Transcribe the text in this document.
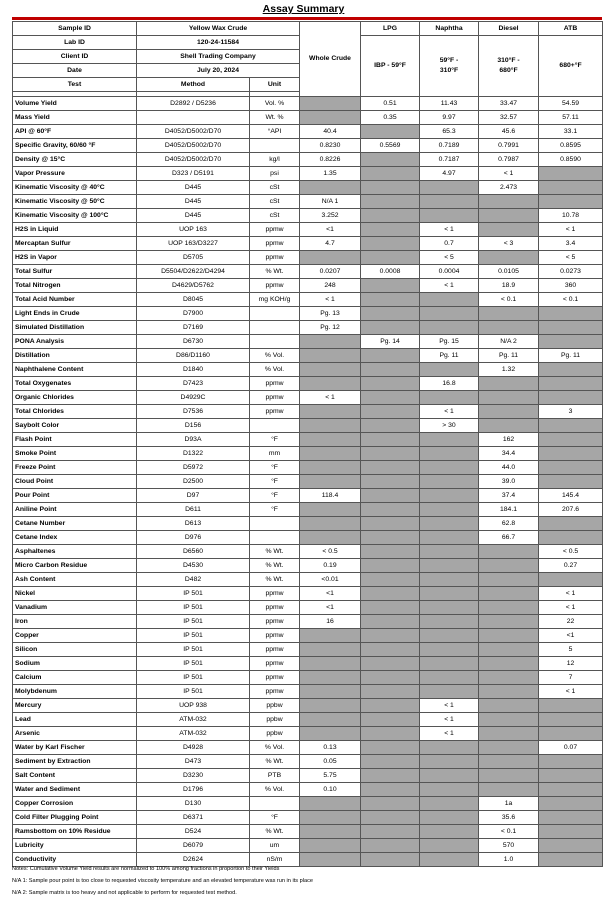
Assay Summary
Sample ID	Yellow Wax Crude		Whole Crude	LPG	Naphtha	Diesel	ATB
Lab ID	120-24-11584			IBP - 59°F	59°F - 310°F	310°F - 680°F	680+°F
Client ID	Shell Trading Company						
Date	July 20, 2024						
Test	Method	Unit					

Volume Yield	D2892 / D5236	Vol. %		0.51	11.43	33.47	54.59
Mass Yield		Wt. %		0.35	9.97	32.57	57.11
API @ 60°F	D4052/D5002/D70	°API	40.4		65.3	45.6	33.1
Specific Gravity, 60/60 °F	D4052/D5002/D70		0.8230	0.5569	0.7189	0.7991	0.8595
Density @ 15°C	D4052/D5002/D70	kg/l	0.8226		0.7187	0.7987	0.8590
Vapor Pressure	D323 / D5191	psi	1.35		4.97	< 1	
Kinematic Viscosity @ 40°C	D445	cSt				2.473	
Kinematic Viscosity @ 50°C	D445	cSt	N/A 1				
Kinematic Viscosity @ 100°C	D445	cSt	3.252				10.78
H2S in Liquid	UOP 163	ppmw	<1		< 1		< 1
Mercaptan Sulfur	UOP 163/D3227	ppmw	4.7		0.7	< 3	3.4
H2S in Vapor	D5705	ppmw			< 5		< 5
Total Sulfur	D5504/D2622/D4294	% Wt.	0.0207	0.0008	0.0004	0.0105	0.0273
Total Nitrogen	D4629/D5762	ppmw	248		< 1	18.9	360
Total Acid Number	D8045	mg KOH/g	< 1			< 0.1	< 0.1
Light Ends in Crude	D7900		Pg. 13				
Simulated Distillation	D7169		Pg. 12				
PONA Analysis	D6730			Pg. 14	Pg. 15	N/A 2	
Distillation	D86/D1160	% Vol.			Pg. 11	Pg. 11	Pg. 11
Naphthalene Content	D1840	% Vol.				1.32	
Total Oxygenates	D7423	ppmw			16.8		
Organic Chlorides	D4929C	ppmw	< 1				
Total Chlorides	D7536	ppmw			< 1		3
Saybolt Color	D156				> 30		
Flash Point	D93A	°F				162	
Smoke Point	D1322	mm				34.4	
Freeze Point	D5972	°F				44.0	
Cloud Point	D2500	°F				39.0	
Pour Point	D97	°F	118.4			37.4	145.4
Aniline Point	D611	°F				184.1	207.6
Cetane Number	D613					62.8	
Cetane Index	D976					66.7	
Asphaltenes	D6560	% Wt.	< 0.5				< 0.5
Micro Carbon Residue	D4530	% Wt.	0.19				0.27
Ash Content	D482	% Wt.	<0.01				
Nickel	IP 501	ppmw	<1				< 1
Vanadium	IP 501	ppmw	<1				< 1
Iron	IP 501	ppmw	16				22
Copper	IP 501	ppmw					<1
Silicon	IP 501	ppmw					5
Sodium	IP 501	ppmw					12
Calcium	IP 501	ppmw					7
Molybdenum	IP 501	ppmw					< 1
Mercury	UOP 938	ppbw			< 1		
Lead	ATM-032	ppbw			< 1		
Arsenic	ATM-032	ppbw			< 1		
Water by Karl Fischer	D4928	% Vol.	0.13				0.07
Sediment by Extraction	D473	% Wt.	0.05				
Salt Content	D3230	PTB	5.75				
Water and Sediment	D1796	% Vol.	0.10				
Copper Corrosion	D130					1a	
Cold Filter Plugging Point	D6371	°F				35.6	
Ramsbottom on 10% Residue	D524	% Wt.				< 0.1	
Lubricity	D6079	um				570	
Conductivity	D2624	nS/m				1.0	
Notes: Cumulative Volume Yield results are normalized to 100% among fractions in proportion to their Yields
N/A 1: Sample pour point is too close to requested viscosity temperature and an elevated temperature was run in its place
N/A 2: Sample matrix is too heavy and not applicable to perform for requested test method.
